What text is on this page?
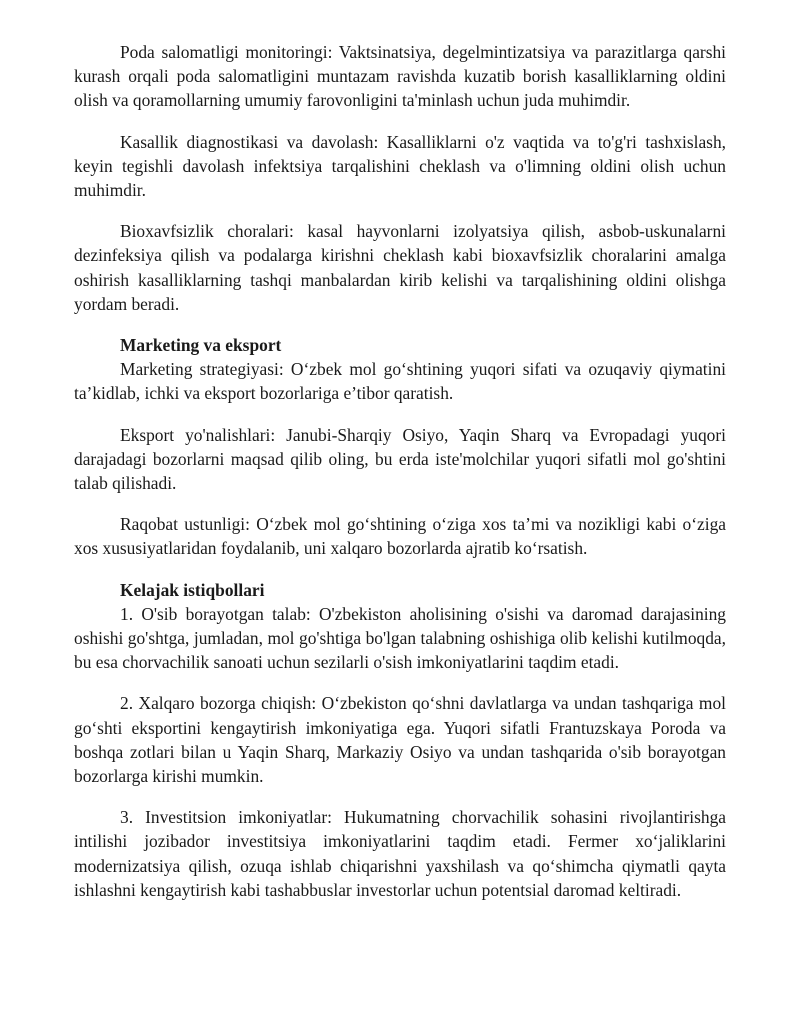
Poda salomatligi monitoringi: Vaktsinatsiya, degelmintizatsiya va parazitlarga qarshi kurash orqali poda salomatligini muntazam ravishda kuzatib borish kasalliklarning oldini olish va qoramollarning umumiy farovonligini ta'minlash uchun juda muhimdir.

Kasallik diagnostikasi va davolash: Kasalliklarni o'z vaqtida va to'g'ri tashxislash, keyin tegishli davolash infektsiya tarqalishini cheklash va o'limning oldini olish uchun muhimdir.

Bioxavfsizlik choralari: kasal hayvonlarni izolyatsiya qilish, asbob-uskunalarni dezinfeksiya qilish va podalarga kirishni cheklash kabi bioxavfsizlik choralarini amalga oshirish kasalliklarning tashqi manbalardan kirib kelishi va tarqalishining oldini olishga yordam beradi.

Marketing va eksport

Marketing strategiyasi: O‘zbek mol go‘shtining yuqori sifati va ozuqaviy qiymatini ta’kidlab, ichki va eksport bozorlariga e’tibor qaratish.

Eksport yo'nalishlari: Janubi-Sharqiy Osiyo, Yaqin Sharq va Evropadagi yuqori darajadagi bozorlarni maqsad qilib oling, bu erda iste'molchilar yuqori sifatli mol go'shtini talab qilishadi.

Raqobat ustunligi: O‘zbek mol go‘shtining o‘ziga xos ta’mi va nozikligi kabi o‘ziga xos xususiyatlaridan foydalanib, uni xalqaro bozorlarda ajratib ko‘rsatish.

Kelajak istiqbollari

1. O'sib borayotgan talab: O'zbekiston aholisining o'sishi va daromad darajasining oshishi go'shtga, jumladan, mol go'shtiga bo'lgan talabning oshishiga olib kelishi kutilmoqda, bu esa chorvachilik sanoati uchun sezilarli o'sish imkoniyatlarini taqdim etadi.

2. Xalqaro bozorga chiqish: O‘zbekiston qo‘shni davlatlarga va undan tashqariga mol go‘shti eksportini kengaytirish imkoniyatiga ega. Yuqori sifatli Frantuzskaya Poroda va boshqa zotlari bilan u Yaqin Sharq, Markaziy Osiyo va undan tashqarida o'sib borayotgan bozorlarga kirishi mumkin.

3. Investitsion imkoniyatlar: Hukumatning chorvachilik sohasini rivojlantirishga intilishi jozibador investitsiya imkoniyatlarini taqdim etadi. Fermer xo‘jaliklarini modernizatsiya qilish, ozuqa ishlab chiqarishni yaxshilash va qo‘shimcha qiymatli qayta ishlashni kengaytirish kabi tashabbuslar investorlar uchun potentsial daromad keltiradi.
